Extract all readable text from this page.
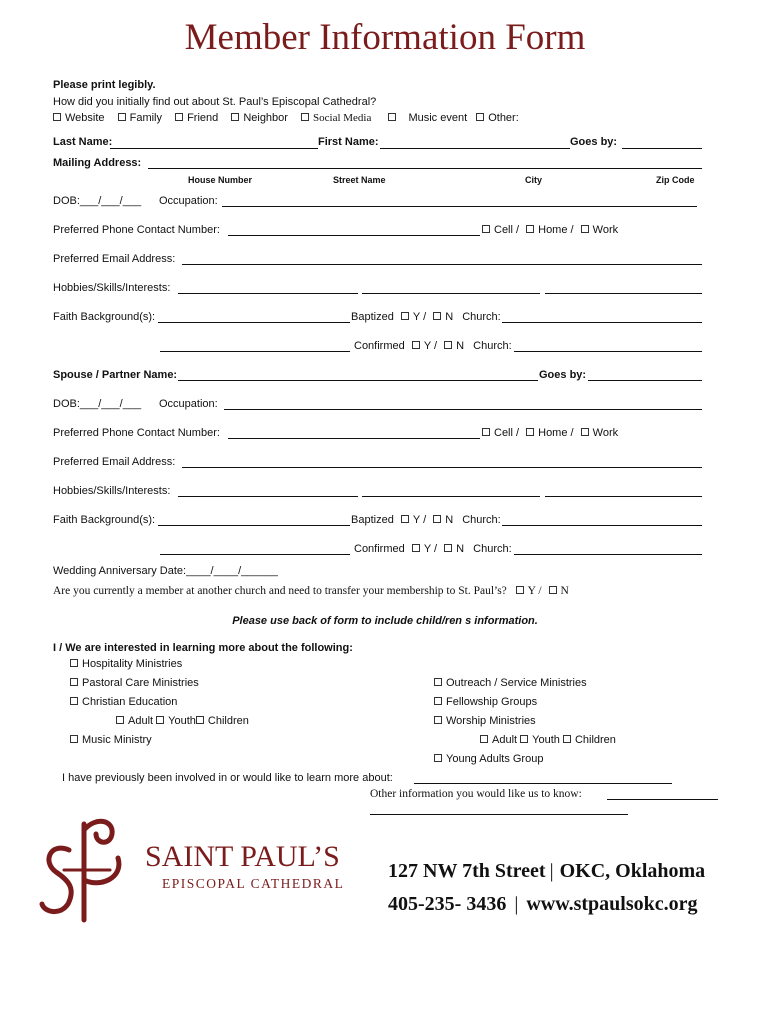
Member Information Form
Please print legibly.
How did you initially find out about St. Paul’s Episcopal Cathedral?
Website Family Friend Neighbor Social Media	Music event Other:
Last Name:	First Name:	Goes by:
Mailing Address:
House Number	Street Name	City	Zip Code
DOB:___/___/___ Occupation:
Preferred Phone Contact Number:	Cell / Home / Work
Preferred Email Address:
Hobbies/Skills/Interests:
Faith Background(s):	Baptized Y / N Church:
Confirmed Y / N Church:
Spouse / Partner Name:	Goes by:
DOB:___/___/___ Occupation:
Preferred Phone Contact Number:	Cell / Home / Work
Preferred Email Address:
Hobbies/Skills/Interests:
Faith Background(s):	Baptized Y / N Church:
Confirmed Y / N Church:
Wedding Anniversary Date:____/____/______
Are you currently a member at another church and need to transfer your membership to St. Paul’s? Y / N
Please use back of form to include child/ren s information.
I / We are interested in learning more about the following:
Hospitality Ministries
Pastoral Care Ministries
Christian Education
Adult Youth Children
Music Ministry
Outreach / Service Ministries
Fellowship Groups
Worship Ministries
Adult Youth Children
Young Adults Group
I have previously been involved in or would like to learn more about:
Other information you would like us to know:
SAINT PAUL’S
EPISCOPAL CATHEDRAL
127 NW 7th Street | OKC, Oklahoma
405-235- 3436 | www.stpaulsokc.org
